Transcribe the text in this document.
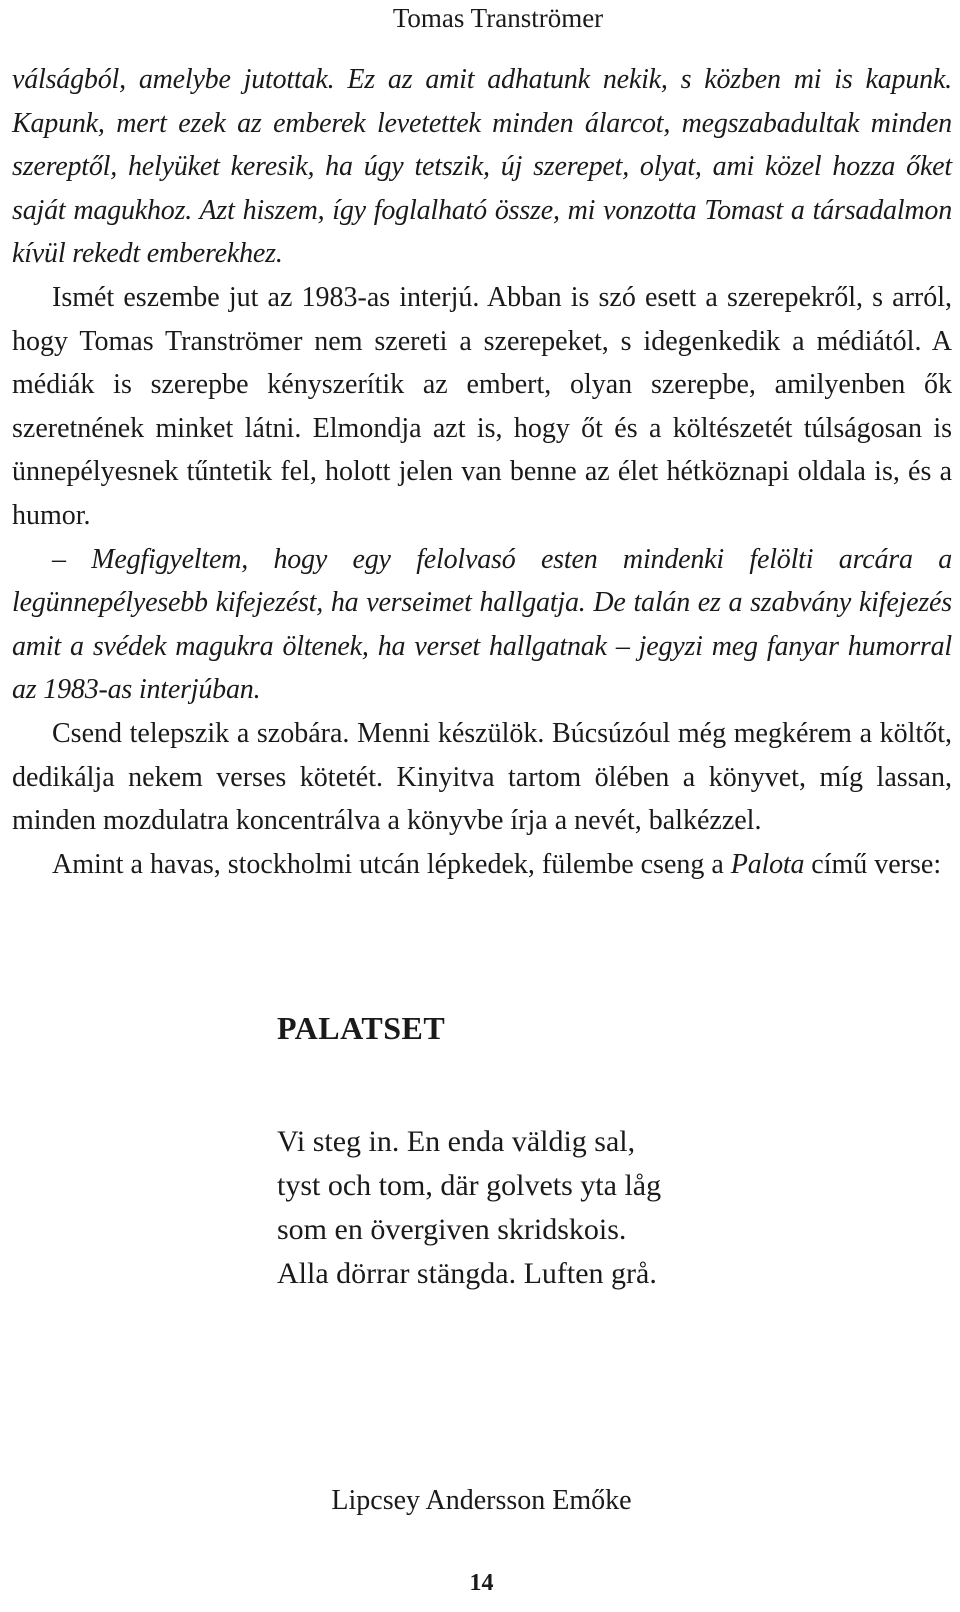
Tomas Tranströmer

válságból, amelybe jutottak. Ez az amit adhatunk nekik, s közben mi is kapunk. Kapunk, mert ezek az emberek levetettek minden álarcot, megszabadultak minden szereptől, helyüket keresik, ha úgy tetszik, új szerepet, olyat, ami közel hozza őket saját magukhoz. Azt hiszem, így foglalható össze, mi vonzotta Tomast a társadalmon kívül rekedt emberekhez.

Ismét eszembe jut az 1983-as interjú. Abban is szó esett a szerepekről, s arról, hogy Tomas Tranströmer nem szereti a szerepeket, s idegenkedik a médiától. A médiák is szerepbe kényszerítik az embert, olyan szerepbe, amilyenben ők szeretnének minket látni. Elmondja azt is, hogy őt és a költészetét túlságosan is ünnepélyesnek tűntetik fel, holott jelen van benne az élet hétköznapi oldala is, és a humor.

– Megfigyeltem, hogy egy felolvasó esten mindenki felölti arcára a legünnepélyesebb kifejezést, ha verseimet hallgatja. De talán ez a szabvány kifejezés amit a svédek magukra öltenek, ha verset hallgatnak – jegyzi meg fanyar humorral az 1983-as interjúban.

Csend telepszik a szobára. Menni készülök. Búcsúzóul még megkérem a költőt, dedikálja nekem verses kötetét. Kinyitva tartom ölében a könyvet, míg lassan, minden mozdulatra koncentrálva a könyvbe írja a nevét, balkézzel.

Amint a havas, stockholmi utcán lépkedek, fülembe cseng a Palota című verse:

PALATSET
Vi steg in. En enda väldig sal,
tyst och tom, där golvets yta låg
som en övergiven skridskois.
Alla dörrar stängda. Luften grå.
Lipcsey Andersson Emőke
14
